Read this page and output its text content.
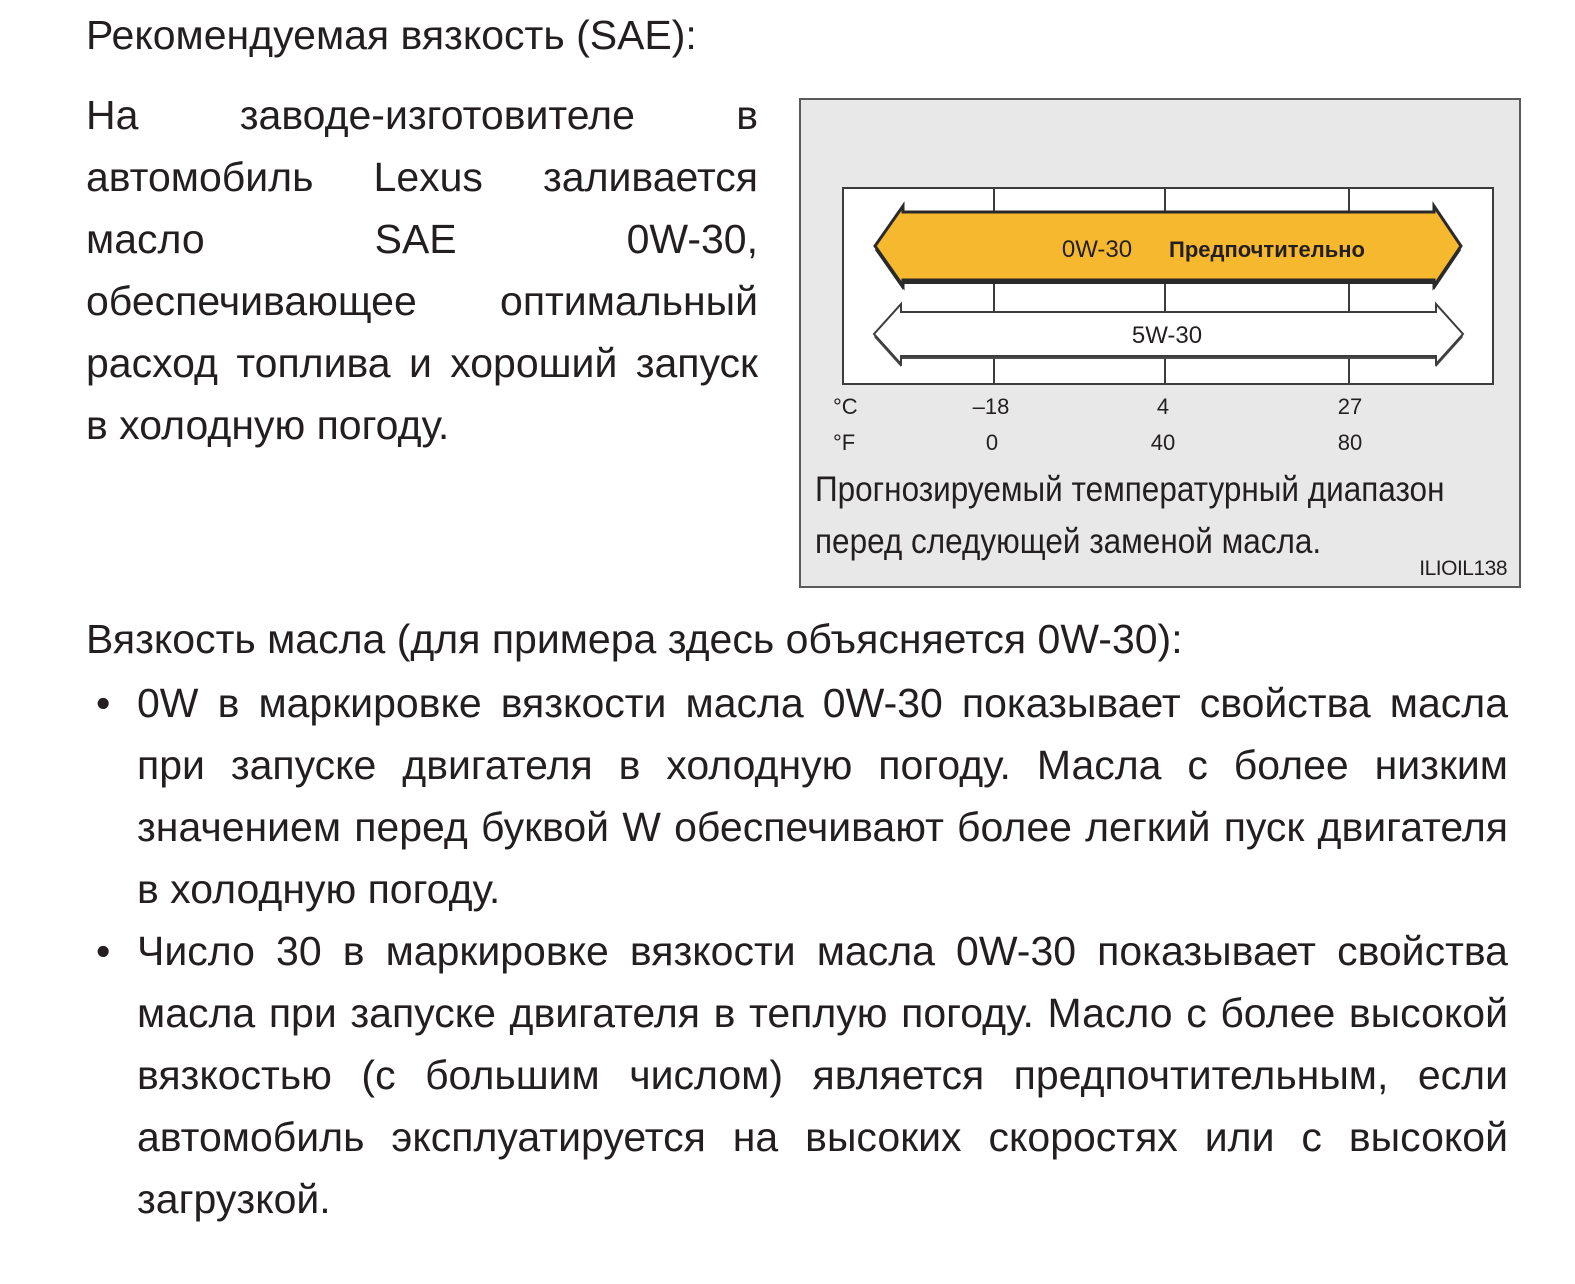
Рекомендуемая вязкость (SAE):
На заводе-изготовителе в автомобиль Lexus заливается масло SAE 0W-30, обеспечивающее оптимальный расход топлива и хороший запуск в холодную погоду.
0W-30 Предпочтительно
5W-30
°C	–18	4	27
°F	0	40	80
Прогнозируемый температурный диапазон
перед следующей заменой масла.
ILIOIL138
Вязкость масла (для примера здесь объясняется 0W-30):
• 0W в маркировке вязкости масла 0W-30 показывает свойства масла при запуске двигателя в холодную погоду. Масла с более низким значением перед буквой W обеспечивают более легкий пуск двигателя в холодную погоду.
• Число 30 в маркировке вязкости масла 0W-30 показывает свойства масла при запуске двигателя в теплую погоду. Масло с более высокой вязкостью (с большим числом) является предпочтительным, если автомобиль эксплуатируется на высоких скоростях или с высокой загрузкой.
